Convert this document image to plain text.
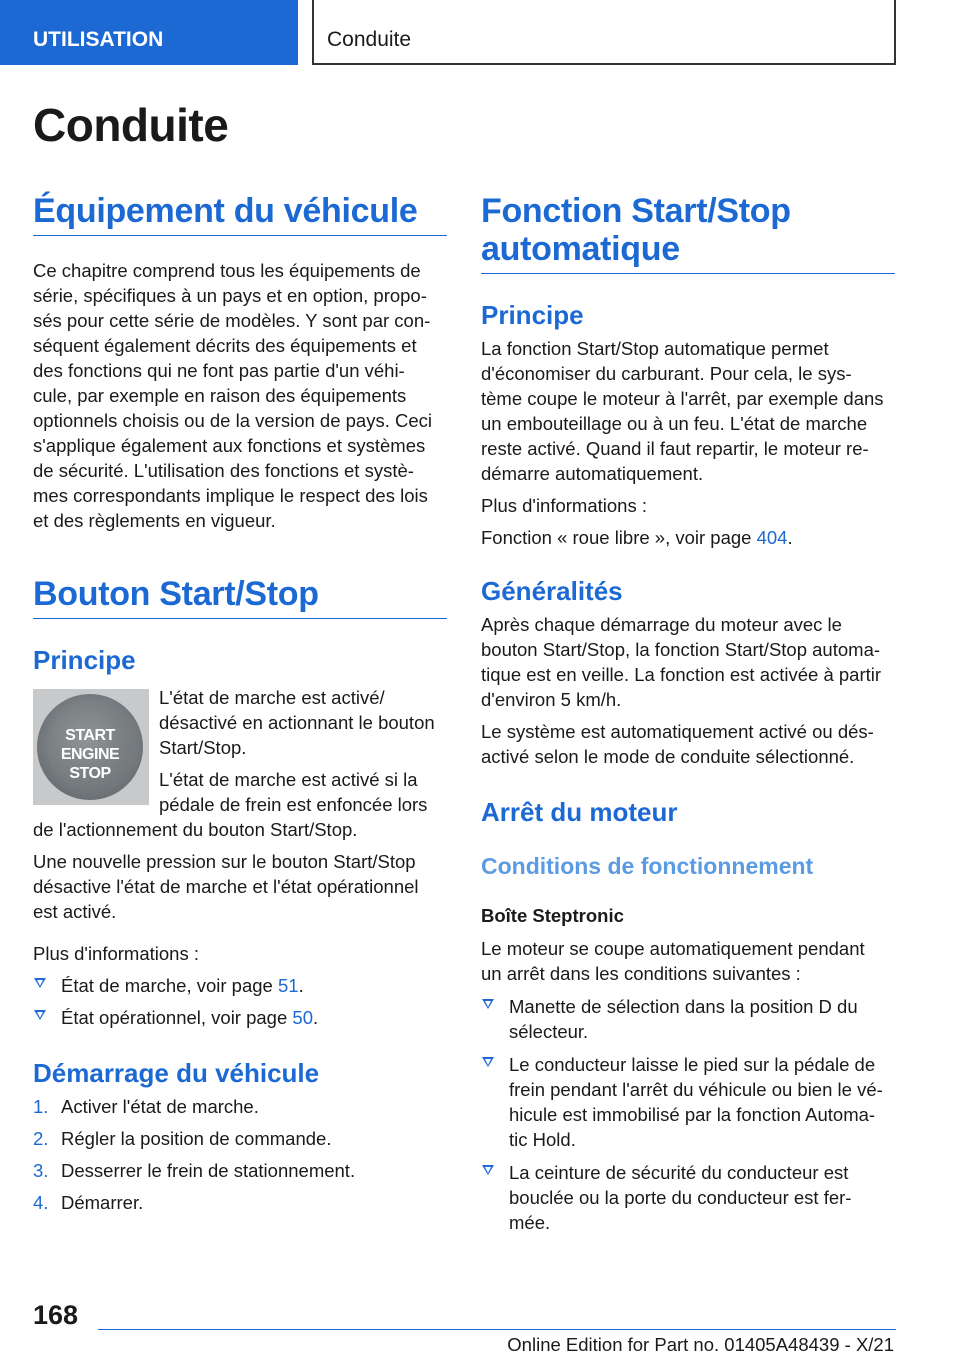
UTILISATION	Conduite
Conduite
Équipement du véhicule
Ce chapitre comprend tous les équipements de
série, spécifiques à un pays et en option, propo-
sés pour cette série de modèles. Y sont par con-
séquent également décrits des équipements et
des fonctions qui ne font pas partie d'un véhi-
cule, par exemple en raison des équipements
optionnels choisis ou de la version de pays. Ceci
s'applique également aux fonctions et systèmes
de sécurité. L'utilisation des fonctions et systè-
mes correspondants implique le respect des lois
et des règlements en vigueur.
Bouton Start/Stop
Principe
START
ENGINE
STOP
L'état de marche est activé/
désactivé en actionnant le bouton
Start/Stop.
L'état de marche est activé si la
pédale de frein est enfoncée lors
de l'actionnement du bouton Start/Stop.
Une nouvelle pression sur le bouton Start/Stop
désactive l'état de marche et l'état opérationnel
est activé.
Plus d'informations :
État de marche, voir page 51.
État opérationnel, voir page 50.
Démarrage du véhicule
1. Activer l'état de marche.
2. Régler la position de commande.
3. Desserrer le frein de stationnement.
4. Démarrer.
Fonction Start/Stop
automatique
Principe
La fonction Start/Stop automatique permet
d'économiser du carburant. Pour cela, le sys-
tème coupe le moteur à l'arrêt, par exemple dans
un embouteillage ou à un feu. L'état de marche
reste activé. Quand il faut repartir, le moteur re-
démarre automatiquement.
Plus d'informations :
Fonction « roue libre », voir page 404.
Généralités
Après chaque démarrage du moteur avec le
bouton Start/Stop, la fonction Start/Stop automa-
tique est en veille. La fonction est activée à partir
d'environ 5 km/h.
Le système est automatiquement activé ou dés-
activé selon le mode de conduite sélectionné.
Arrêt du moteur
Conditions de fonctionnement
Boîte Steptronic
Le moteur se coupe automatiquement pendant
un arrêt dans les conditions suivantes :
Manette de sélection dans la position D du
sélecteur.
Le conducteur laisse le pied sur la pédale de
frein pendant l'arrêt du véhicule ou bien le vé-
hicule est immobilisé par la fonction Automa-
tic Hold.
La ceinture de sécurité du conducteur est
bouclée ou la porte du conducteur est fer-
mée.
168
Online Edition for Part no. 01405A48439 - X/21
